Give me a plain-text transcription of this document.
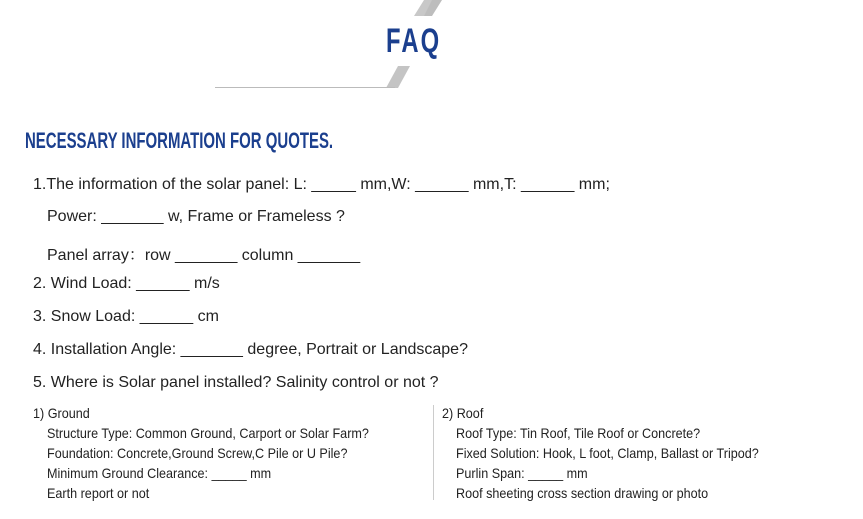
FAQ
NECESSARY INFORMATION FOR QUOTES.
1.The information of the solar panel: L: _____ mm,W: ______ mm,T: ______ mm;
Power: _______ w, Frame or Frameless ?
Panel array：row _______ column _______
2. Wind Load: ______ m/s
3. Snow Load: ______ cm
4. Installation Angle: _______ degree, Portrait or Landscape?
5. Where is Solar panel installed? Salinity control or not ?
1) Ground
Structure Type: Common Ground, Carport or Solar Farm?
Foundation: Concrete,Ground Screw,C Pile or U Pile?
Minimum Ground Clearance: _____ mm
Earth report or not
2) Roof
Roof Type: Tin Roof, Tile Roof or Concrete?
Fixed Solution: Hook, L foot, Clamp, Ballast or Tripod?
Purlin Span: _____ mm
Roof sheeting cross section drawing or photo
